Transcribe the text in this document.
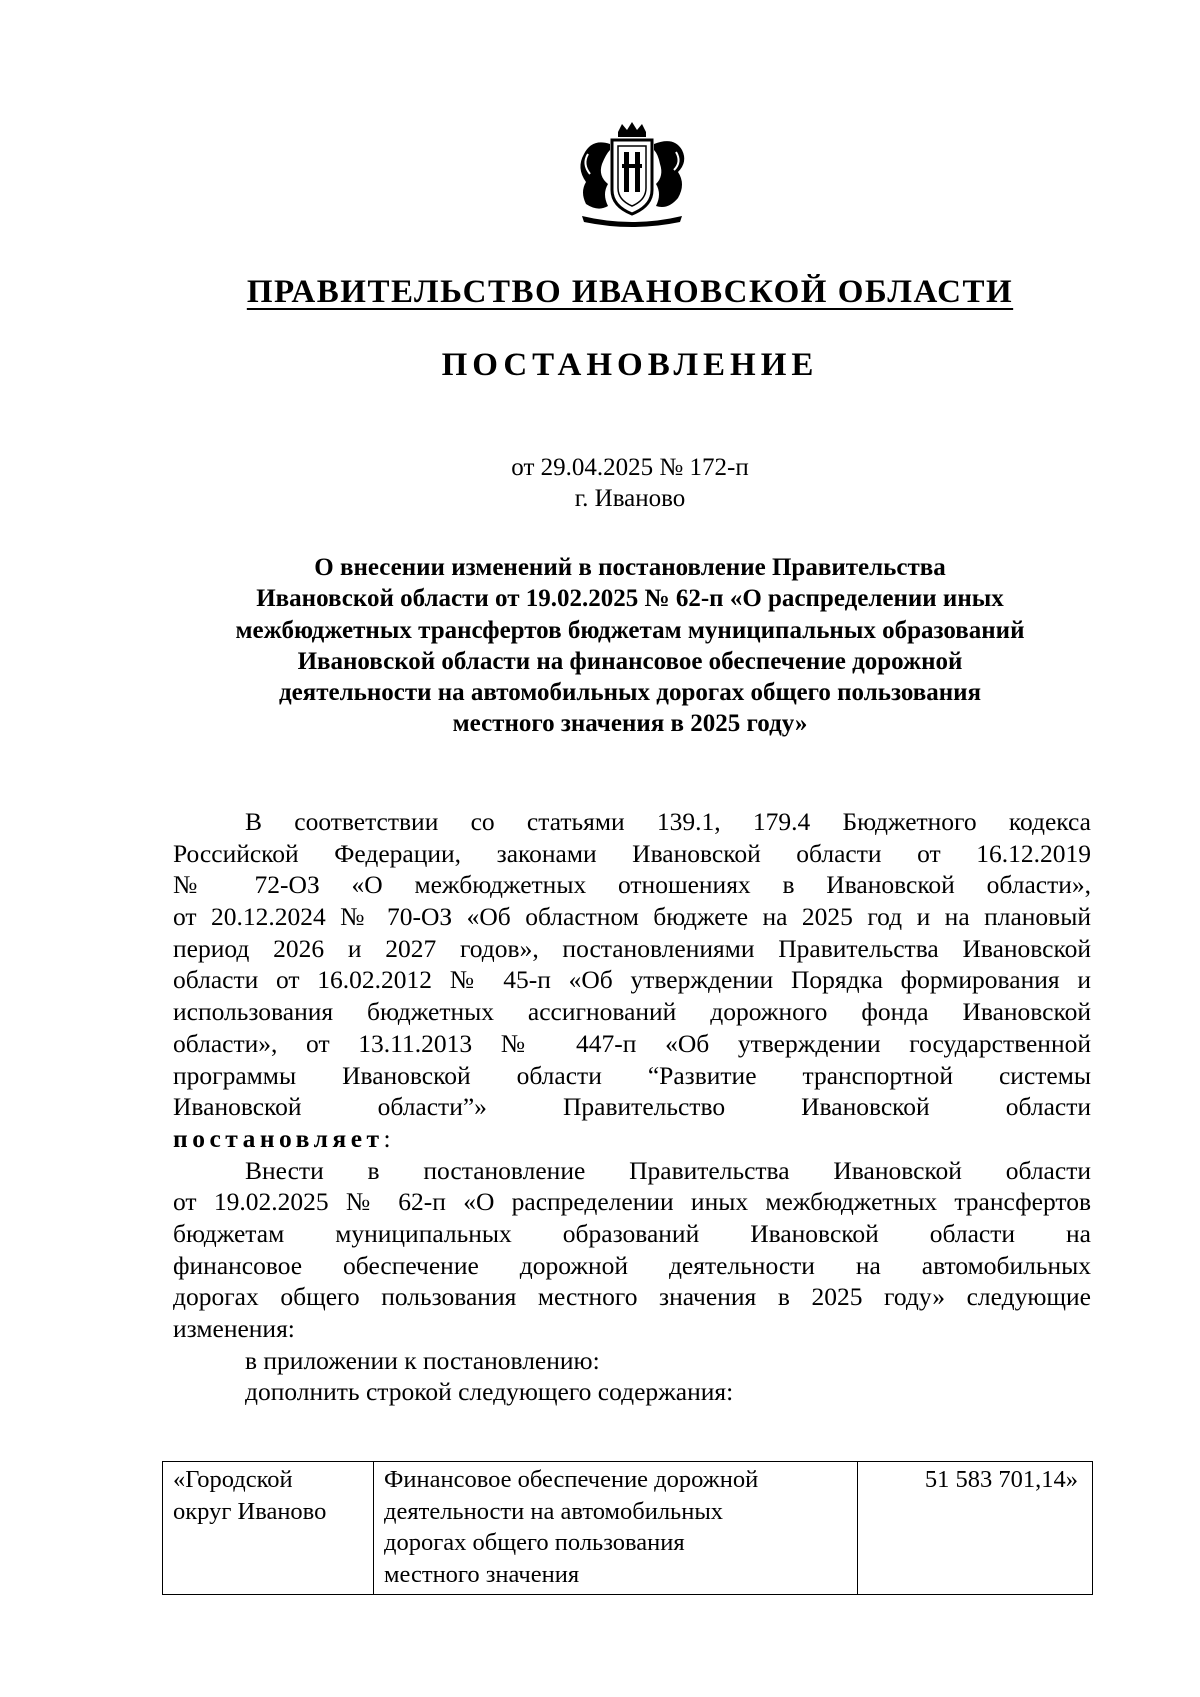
ПРАВИТЕЛЬСТВО ИВАНОВСКОЙ ОБЛАСТИ
ПОСТАНОВЛЕНИЕ
от 29.04.2025 № 172-п
г. Иваново
О внесении изменений в постановление Правительства
Ивановской области от 19.02.2025 № 62-п «О распределении иных
межбюджетных трансфертов бюджетам муниципальных образований
Ивановской области на финансовое обеспечение дорожной
деятельности на автомобильных дорогах общего пользования
местного значения в 2025 году»
В соответствии со статьями 139.1, 179.4 Бюджетного кодекса
Российской Федерации, законами Ивановской области от 16.12.2019
№ 72-ОЗ «О межбюджетных отношениях в Ивановской области»,
от 20.12.2024 № 70-ОЗ «Об областном бюджете на 2025 год и на плановый
период 2026 и 2027 годов», постановлениями Правительства Ивановской
области от 16.02.2012 № 45-п «Об утверждении Порядка формирования и
использования бюджетных ассигнований дорожного фонда Ивановской
области», от 13.11.2013 № 447-п «Об утверждении государственной
программы Ивановской области “Развитие транспортной системы
Ивановской области”» Правительство Ивановской области
постановляет:
Внести в постановление Правительства Ивановской области
от 19.02.2025 № 62-п «О распределении иных межбюджетных трансфертов
бюджетам муниципальных образований Ивановской области на
финансовое обеспечение дорожной деятельности на автомобильных
дорогах общего пользования местного значения в 2025 году» следующие
изменения:
в приложении к постановлению:
дополнить строкой следующего содержания:
«Городской
округ Иваново

Финансовое обеспечение дорожной
деятельности на автомобильных
дорогах общего пользования
местного значения
	51 583 701,14»
